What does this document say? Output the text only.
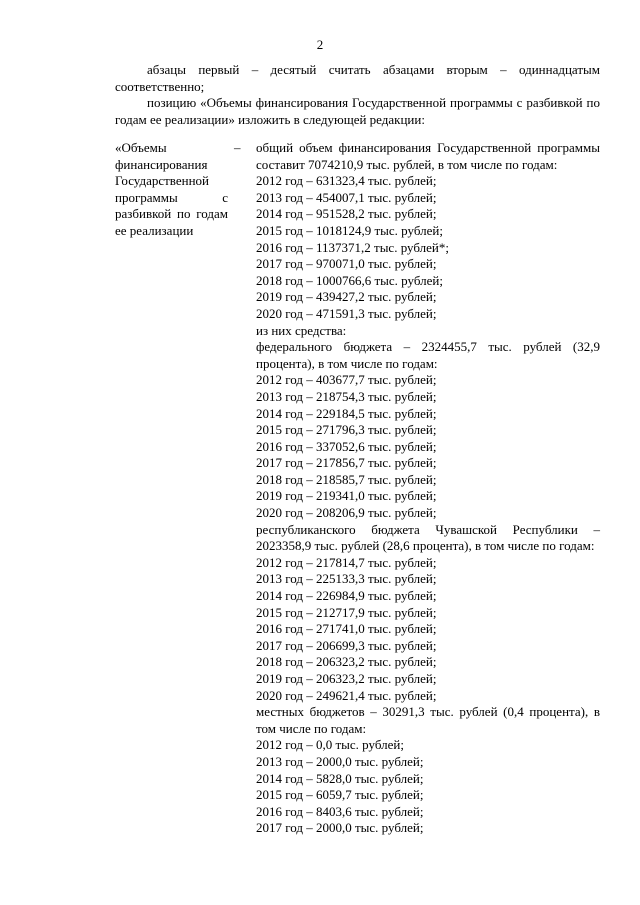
2

абзацы первый – десятый считать абзацами вторым – одиннадцатым соответственно;

позицию «Объемы финансирования Государственной программы с разбивкой по годам ее реализации» изложить в следующей редакции:

«Объемы финансирования Государственной программы с разбивкой по годам ее реализации
– общий объем финансирования Государственной программы составит 7074210,9 тыс. рублей, в том числе по годам:

2012 год – 631323,4 тыс. рублей;

2013 год – 454007,1 тыс. рублей;

2014 год – 951528,2 тыс. рублей;

2015 год – 1018124,9 тыс. рублей;

2016 год – 1137371,2 тыс. рублей*;

2017 год – 970071,0 тыс. рублей;

2018 год – 1000766,6 тыс. рублей;

2019 год – 439427,2 тыс. рублей;

2020 год – 471591,3 тыс. рублей;

из них средства:

федерального бюджета – 2324455,7 тыс. рублей (32,9 процента), в том числе по годам:

2012 год – 403677,7 тыс. рублей;

2013 год – 218754,3 тыс. рублей;

2014 год – 229184,5 тыс. рублей;

2015 год – 271796,3 тыс. рублей;

2016 год – 337052,6 тыс. рублей;

2017 год – 217856,7 тыс. рублей;

2018 год – 218585,7 тыс. рублей;

2019 год – 219341,0 тыс. рублей;

2020 год – 208206,9 тыс. рублей;

республиканского бюджета Чувашской Республики – 2023358,9 тыс. рублей (28,6 процента), в том числе по годам:

2012 год – 217814,7 тыс. рублей;

2013 год – 225133,3 тыс. рублей;

2014 год – 226984,9 тыс. рублей;

2015 год – 212717,9 тыс. рублей;

2016 год – 271741,0 тыс. рублей;

2017 год – 206699,3 тыс. рублей;

2018 год – 206323,2 тыс. рублей;

2019 год – 206323,2 тыс. рублей;

2020 год – 249621,4 тыс. рублей;

местных бюджетов – 30291,3 тыс. рублей (0,4 процента), в том числе по годам:

2012 год – 0,0 тыс. рублей;

2013 год – 2000,0 тыс. рублей;

2014 год – 5828,0 тыс. рублей;

2015 год – 6059,7 тыс. рублей;

2016 год – 8403,6 тыс. рублей;

2017 год – 2000,0 тыс. рублей;
